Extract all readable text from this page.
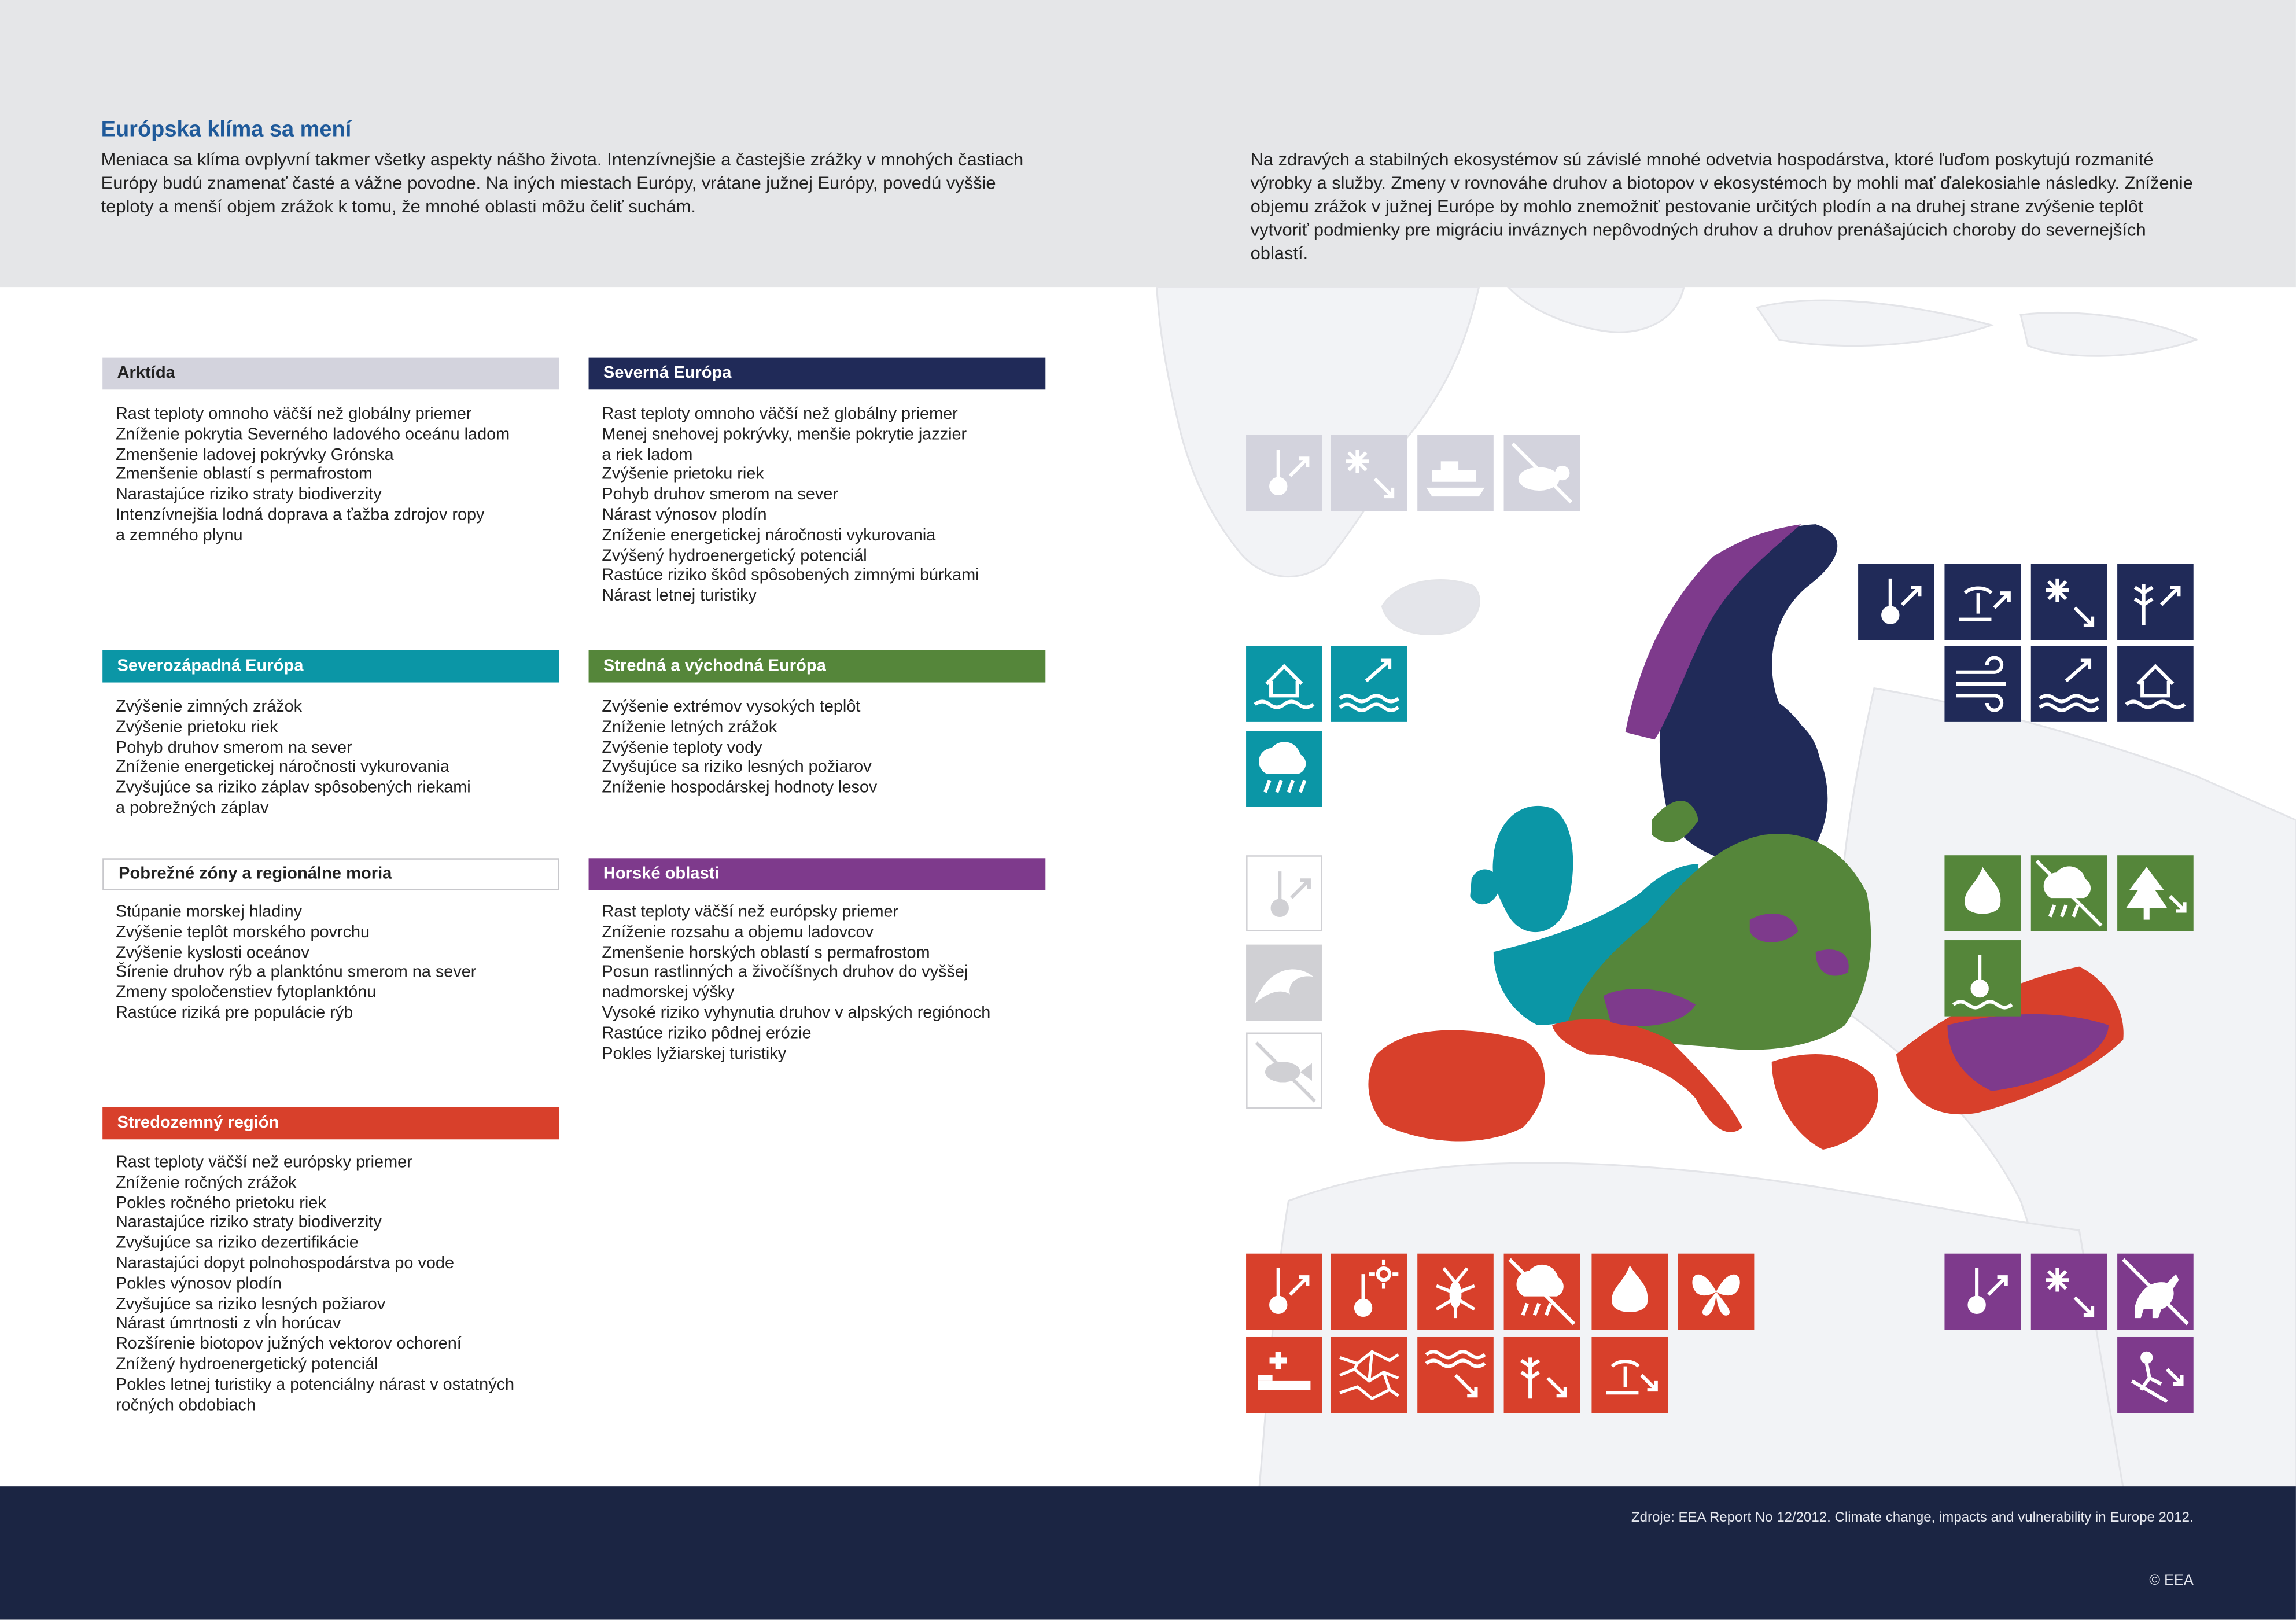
Európska klíma sa mení
Meniaca sa klíma ovplyvní takmer všetky aspekty nášho života. Intenzívnejšie a častejšie zrážky v mnohých častiach Európy budú znamenať časté a vážne povodne. Na iných miestach Európy, vrátane južnej Európy, povedú vyššie teploty a menší objem zrážok k tomu, že mnohé oblasti môžu čeliť suchám.
Na zdravých a stabilných ekosystémov sú závislé mnohé odvetvia hospodárstva, ktoré ľuďom poskytujú rozmanité výrobky a služby. Zmeny v rovnováhe druhov a biotopov v ekosystémoch by mohli mať ďalekosiahle následky. Zníženie objemu zrážok v južnej Európe by mohlo znemožniť pestovanie určitých plodín a na druhej strane zvýšenie teplôt vytvoriť podmienky pre migráciu inváznych nepôvodných druhov a druhov prenášajúcich choroby do severnejších oblastí.
Arktída
Rast teploty omnoho väčší než globálny priemer
Zníženie pokrytia Severného ladového oceánu ladom
Zmenšenie ladovej pokrývky Grónska
Zmenšenie oblastí s permafrostom
Narastajúce riziko straty biodiverzity
Intenzívnejšia lodná doprava a ťažba zdrojov ropy
a zemného plynu
Severná Európa
Rast teploty omnoho väčší než globálny priemer
Menej snehovej pokrývky, menšie pokrytie jazzier
a riek ladom
Zvýšenie prietoku riek
Pohyb druhov smerom na sever
Nárast výnosov plodín
Zníženie energetickej náročnosti vykurovania
Zvýšený hydroenergetický potenciál
Rastúce riziko škôd spôsobených zimnými búrkami
Nárast letnej turistiky
Severozápadná Európa
Zvýšenie zimných zrážok
Zvýšenie prietoku riek
Pohyb druhov smerom na sever
Zníženie energetickej náročnosti vykurovania
Zvyšujúce sa riziko záplav spôsobených riekami
a pobrežných záplav
Stredná a východná Európa
Zvýšenie extrémov vysokých teplôt
Zníženie letných zrážok
Zvýšenie teploty vody
Zvyšujúce sa riziko lesných požiarov
Zníženie hospodárskej hodnoty lesov
Pobrežné zóny a regionálne moria
Stúpanie morskej hladiny
Zvýšenie teplôt morského povrchu
Zvýšenie kyslosti oceánov
Šírenie druhov rýb a planktónu smerom na sever
Zmeny spoločenstiev fytoplanktónu
Rastúce riziká pre populácie rýb
Horské oblasti
Rast teploty väčší než európsky priemer
Zníženie rozsahu a objemu ladovcov
Zmenšenie horských oblastí s permafrostom
Posun rastlinných a živočíšnych druhov do vyššej
nadmorskej výšky
Vysoké riziko vyhynutia druhov v alpských regiónoch
Rastúce riziko pôdnej erózie
Pokles lyžiarskej turistiky
Stredozemný región
Rast teploty väčší než európsky priemer
Zníženie ročných zrážok
Pokles ročného prietoku riek
Narastajúce riziko straty biodiverzity
Zvyšujúce sa riziko dezertifikácie
Narastajúci dopyt polnohospodárstva po vode
Pokles výnosov plodín
Zvyšujúce sa riziko lesných požiarov
Nárast úmrtnosti z vĺn horúcav
Rozšírenie biotopov južných vektorov ochorení
Znížený hydroenergetický potenciál
Pokles letnej turistiky a potenciálny nárast v ostatných
ročných obdobiach
Zdroje: EEA Report No 12/2012. Climate change, impacts and vulnerability in Europe 2012.
© EEA
